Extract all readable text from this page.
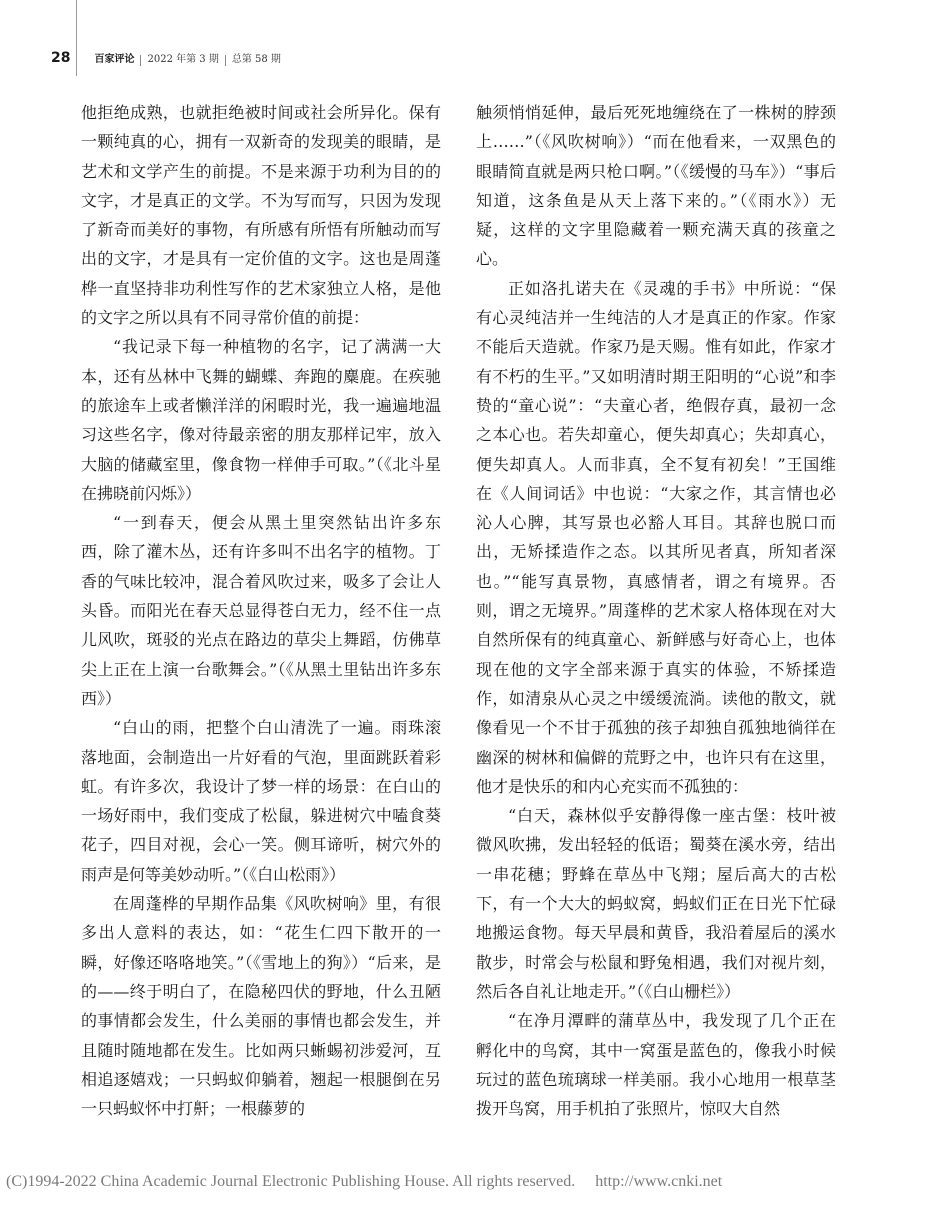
28 百家评论 2022 年第 3 期 总第 58 期

他拒绝成熟，也就拒绝被时间或社会所异化。保有一颗纯真的心，拥有一双新奇的发现美的眼睛，是艺术和文学产生的前提。不是来源于功利为目的的文字，才是真正的文学。不为写而写，只因为发现了新奇而美好的事物，有所感有所悟有所触动而写出的文字，才是具有一定价值的文字。这也是周蓬桦一直坚持非功利性写作的艺术家独立人格，是他的文字之所以具有不同寻常价值的前提：

“我记录下每一种植物的名字，记了满满一大本，还有丛林中飞舞的蝴蝶、奔跑的麋鹿。在疾驰的旅途车上或者懒洋洋的闲暇时光，我一遍遍地温习这些名字，像对待最亲密的朋友那样记牢，放入大脑的储藏室里，像食物一样伸手可取。”（《北斗星在拂晓前闪烁》）

“一到春天，便会从黑土里突然钻出许多东西，除了灌木丛，还有许多叫不出名字的植物。丁香的气味比较冲，混合着风吹过来，吸多了会让人头昏。而阳光在春天总显得苍白无力，经不住一点儿风吹，斑驳的光点在路边的草尖上舞蹈，仿佛草尖上正在上演一台歌舞会。”（《从黑土里钻出许多东西》）

“白山的雨，把整个白山清洗了一遍。雨珠滚落地面，会制造出一片好看的气泡，里面跳跃着彩虹。有许多次，我设计了梦一样的场景：在白山的一场好雨中，我们变成了松鼠，躲进树穴中嗑食葵花子，四目对视，会心一笑。侧耳谛听，树穴外的雨声是何等美妙动听。”（《白山松雨》）

在周蓬桦的早期作品集《风吹树响》里，有很多出人意料的表达，如：“花生仁四下散开的一瞬，好像还咯咯地笑。”（《雪地上的狗》）“后来，是的——终于明白了，在隐秘四伏的野地，什么丑陋的事情都会发生，什么美丽的事情也都会发生，并且随时随地都在发生。比如两只蜥蜴初涉爱河，互相追逐嬉戏；一只蚂蚁仰躺着，翘起一根腿倒在另一只蚂蚁怀中打鼾；一根藤萝的

触须悄悄延伸，最后死死地缠绕在了一株树的脖颈上……”（《风吹树响》）“而在他看来，一双黑色的眼睛简直就是两只枪口啊。”（《缓慢的马车》）“事后知道，这条鱼是从天上落下来的。”（《雨水》）无疑，这样的文字里隐藏着一颗充满天真的孩童之心。

正如洛扎诺夫在《灵魂的手书》中所说：“保有心灵纯洁并一生纯洁的人才是真正的作家。作家不能后天造就。作家乃是天赐。惟有如此，作家才有不朽的生平。”又如明清时期王阳明的“心说”和李贽的“童心说”：“夫童心者，绝假存真，最初一念之本心也。若失却童心，便失却真心；失却真心，便失却真人。人而非真，全不复有初矣！”王国维在《人间词话》中也说：“大家之作，其言情也必沁人心脾，其写景也必豁人耳目。其辞也脱口而出，无矫揉造作之态。以其所见者真，所知者深也。”“能写真景物，真感情者，谓之有境界。否则，谓之无境界。”周蓬桦的艺术家人格体现在对大自然所保有的纯真童心、新鲜感与好奇心上，也体现在他的文字全部来源于真实的体验，不矫揉造作，如清泉从心灵之中缓缓流淌。读他的散文，就像看见一个不甘于孤独的孩子却独自孤独地徜徉在幽深的树林和偏僻的荒野之中，也许只有在这里，他才是快乐的和内心充实而不孤独的：

“白天，森林似乎安静得像一座古堡：枝叶被微风吹拂，发出轻轻的低语；蜀葵在溪水旁，结出一串花穗；野蜂在草丛中飞翔；屋后高大的古松下，有一个大大的蚂蚁窝，蚂蚁们正在日光下忙碌地搬运食物。每天早晨和黄昏，我沿着屋后的溪水散步，时常会与松鼠和野兔相遇，我们对视片刻，然后各自礼让地走开。”（《白山栅栏》）

“在净月潭畔的蒲草丛中，我发现了几个正在孵化中的鸟窝，其中一窝蛋是蓝色的，像我小时候玩过的蓝色琉璃球一样美丽。我小心地用一根草茎拨开鸟窝，用手机拍了张照片，惊叹大自然

(C)1994-2022 China Academic Journal Electronic Publishing House. All rights reserved. http://www.cnki.net
